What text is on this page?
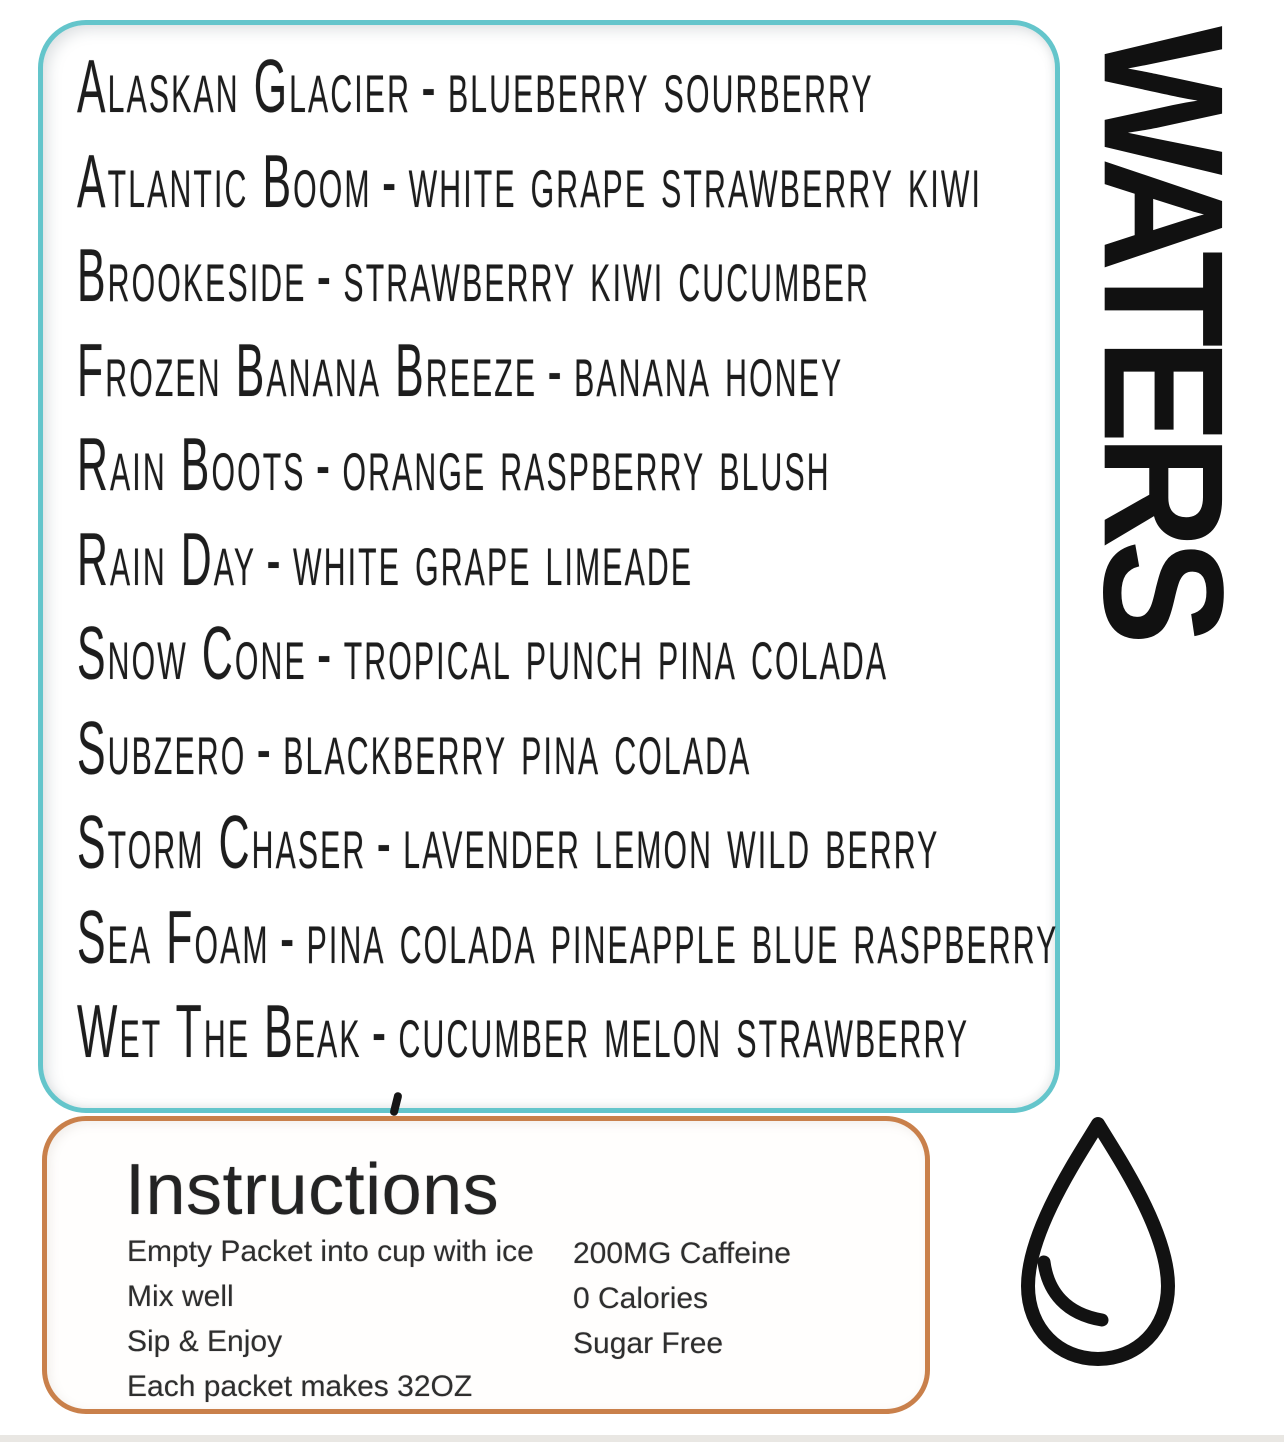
Alaskan Glacier - blueberry sourberry
Atlantic Boom - white grape strawberry kiwi
Brookeside - strawberry kiwi cucumber
Frozen Banana Breeze - banana honey
Rain Boots - orange raspberry blush
Rain Day - white grape limeade
Snow Cone - tropical punch pina colada
Subzero - blackberry pina colada
Storm Chaser - lavender lemon wild berry
Sea Foam - pina colada pineapple blue raspberry
Wet The Beak - cucumber melon strawberry
WATERS
Instructions
Empty Packet into cup with ice
Mix well
Sip & Enjoy
Each packet makes 32OZ
200MG Caffeine
0 Calories
Sugar Free
